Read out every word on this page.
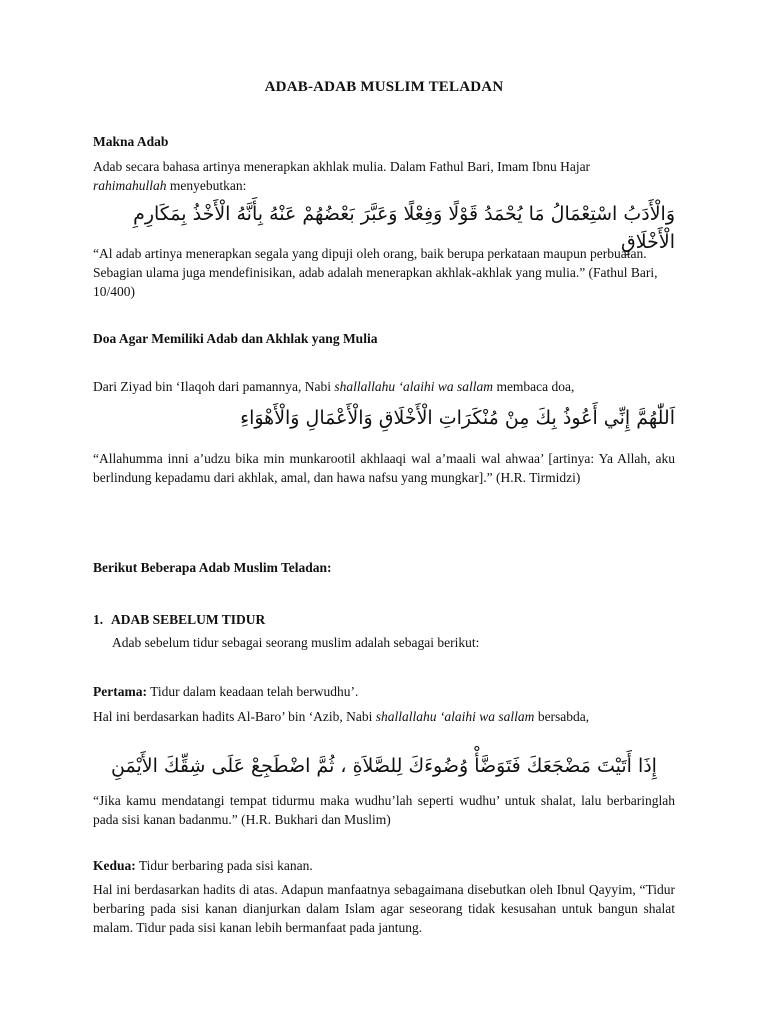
ADAB-ADAB MUSLIM TELADAN
Makna Adab

Adab secara bahasa artinya menerapkan akhlak mulia. Dalam Fathul Bari, Imam Ibnu Hajar
rahimahullah menyebutkan:

وَالْأَدَبُ اسْتِعْمَالُ مَا يُحْمَدُ قَوْلًا وَفِعْلًا وَعَبَّرَ بَعْضُهُمْ عَنْهُ بِأَنَّهُ الْأَخْذُ بِمَكَارِمِ الْأَخْلَاقِ

“Al adab artinya menerapkan segala yang dipuji oleh orang, baik berupa perkataan maupun perbuatan. Sebagian ulama juga mendefinisikan, adab adalah menerapkan akhlak-akhlak yang mulia.” (Fathul Bari, 10/400)

Doa Agar Memiliki Adab dan Akhlak yang Mulia

Dari Ziyad bin ‘Ilaqoh dari pamannya, Nabi shallallahu ‘alaihi wa sallam membaca doa,

اَللّٰهُمَّ إِنِّي أَعُوذُ بِكَ مِنْ مُنْكَرَاتِ الْأَخْلَاقِ وَالْأَعْمَالِ وَالْأَهْوَاءِ

“Allahumma inni a’udzu bika min munkarootil akhlaaqi wal a’maali wal ahwaa’ [artinya: Ya Allah, aku berlindung kepadamu dari akhlak, amal, dan hawa nafsu yang mungkar].” (H.R. Tirmidzi)

Berikut Beberapa Adab Muslim Teladan:
1. ADAB SEBELUM TIDUR

Adab sebelum tidur sebagai seorang muslim adalah sebagai berikut:

Pertama: Tidur dalam keadaan telah berwudhu’.

Hal ini berdasarkan hadits Al-Baro’ bin ‘Azib, Nabi shallallahu ‘alaihi wa sallam bersabda,

إِذَا أَتَيْتَ مَضْجَعَكَ فَتَوَضَّأْ وُضُوءَكَ لِلصَّلاَةِ ، ثُمَّ اضْطَجِعْ عَلَى شِقِّكَ الأَيْمَنِ

“Jika kamu mendatangi tempat tidurmu maka wudhu’lah seperti wudhu’ untuk shalat, lalu berbaringlah pada sisi kanan badanmu.” (H.R. Bukhari dan Muslim)

Kedua: Tidur berbaring pada sisi kanan.

Hal ini berdasarkan hadits di atas. Adapun manfaatnya sebagaimana disebutkan oleh Ibnul Qayyim, “Tidur berbaring pada sisi kanan dianjurkan dalam Islam agar seseorang tidak kesusahan untuk bangun shalat malam. Tidur pada sisi kanan lebih bermanfaat pada jantung.
